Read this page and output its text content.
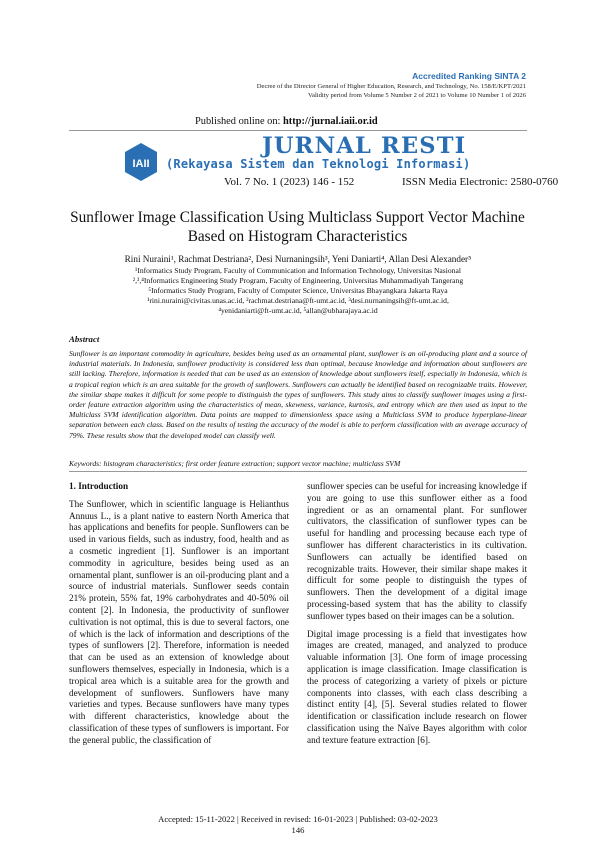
Accredited Ranking SINTA 2
Decree of the Director General of Higher Education, Research, and Technology, No. 158/E/KPT/2021
Validity period from Volume 5 Number 2 of 2021 to Volume 10 Number 1 of 2026
Published online on: http://jurnal.iaii.or.id
IAII
JURNAL RESTI
(Rekayasa Sistem dan Teknologi Informasi)
Vol. 7 No. 1 (2023) 146 - 152	ISSN Media Electronic: 2580-0760
Sunflower Image Classification Using Multiclass Support Vector Machine
Based on Histogram Characteristics
Rini Nuraini¹, Rachmat Destriana², Desi Nurnaningsih³, Yeni Daniarti⁴, Allan Desi Alexander⁵
¹Informatics Study Program, Faculty of Communication and Information Technology, Universitas Nasional
²,³,⁴Informatics Engineering Study Program, Faculty of Engineering, Universitas Muhammadiyah Tangerang
⁵Informatics Study Program, Faculty of Computer Science, Universitas Bhayangkara Jakarta Raya
¹rini.nuraini@civitas.unas.ac.id, ²rachmat.destriana@ft-umt.ac.id, ³desi.nurnaningsih@ft-umt.ac.id,
⁴yenidaniarti@ft-umt.ac.id, ⁵allan@ubharajaya.ac.id
Abstract
Sunflower is an important commodity in agriculture, besides being used as an ornamental plant, sunflower is an oil-producing plant and a source of industrial materials. In Indonesia, sunflower productivity is considered less than optimal, because knowledge and information about sunflowers are still lacking. Therefore, information is needed that can be used as an extension of knowledge about sunflowers itself, especially in Indonesia, which is a tropical region which is an area suitable for the growth of sunflowers. Sunflowers can actually be identified based on recognizable traits. However, the similar shape makes it difficult for some people to distinguish the types of sunflowers. This study aims to classify sunflower images using a first-order feature extraction algorithm using the characteristics of mean, skewness, variance, kurtosis, and entropy which are then used as input to the Multiclass SVM identification algorithm. Data points are mapped to dimensionless space using a Multiclass SVM to produce hyperplane-linear separation between each class. Based on the results of testing the accuracy of the model is able to perform classification with an average accuracy of 79%. These results show that the developed model can classify well.
Keywords: histogram characteristics; first order feature extraction; support vector machine; multiclass SVM
1. Introduction

The Sunflower, which in scientific language is Helianthus Annuus L., is a plant native to eastern North America that has applications and benefits for people. Sunflowers can be used in various fields, such as industry, food, health and as a cosmetic ingredient [1]. Sunflower is an important commodity in agriculture, besides being used as an ornamental plant, sunflower is an oil-producing plant and a source of industrial materials. Sunflower seeds contain 21% protein, 55% fat, 19% carbohydrates and 40-50% oil content [2]. In Indonesia, the productivity of sunflower cultivation is not optimal, this is due to several factors, one of which is the lack of information and descriptions of the types of sunflowers [2]. Therefore, information is needed that can be used as an extension of knowledge about sunflowers themselves, especially in Indonesia, which is a tropical area which is a suitable area for the growth and development of sunflowers. Sunflowers have many varieties and types. Because sunflowers have many types with different characteristics, knowledge about the classification of these types of sunflowers is important. For the general public, the classification of

sunflower species can be useful for increasing knowledge if you are going to use this sunflower either as a food ingredient or as an ornamental plant. For sunflower cultivators, the classification of sunflower types can be useful for handling and processing because each type of sunflower has different characteristics in its cultivation. Sunflowers can actually be identified based on recognizable traits. However, their similar shape makes it difficult for some people to distinguish the types of sunflowers. Then the development of a digital image processing-based system that has the ability to classify sunflower types based on their images can be a solution.

Digital image processing is a field that investigates how images are created, managed, and analyzed to produce valuable information [3]. One form of image processing application is image classification. Image classification is the process of categorizing a variety of pixels or picture components into classes, with each class describing a distinct entity [4], [5]. Several studies related to flower identification or classification include research on flower classification using the Naïve Bayes algorithm with color and texture feature extraction [6].

Accepted: 15-11-2022 | Received in revised: 16-01-2023 | Published: 03-02-2023
146
